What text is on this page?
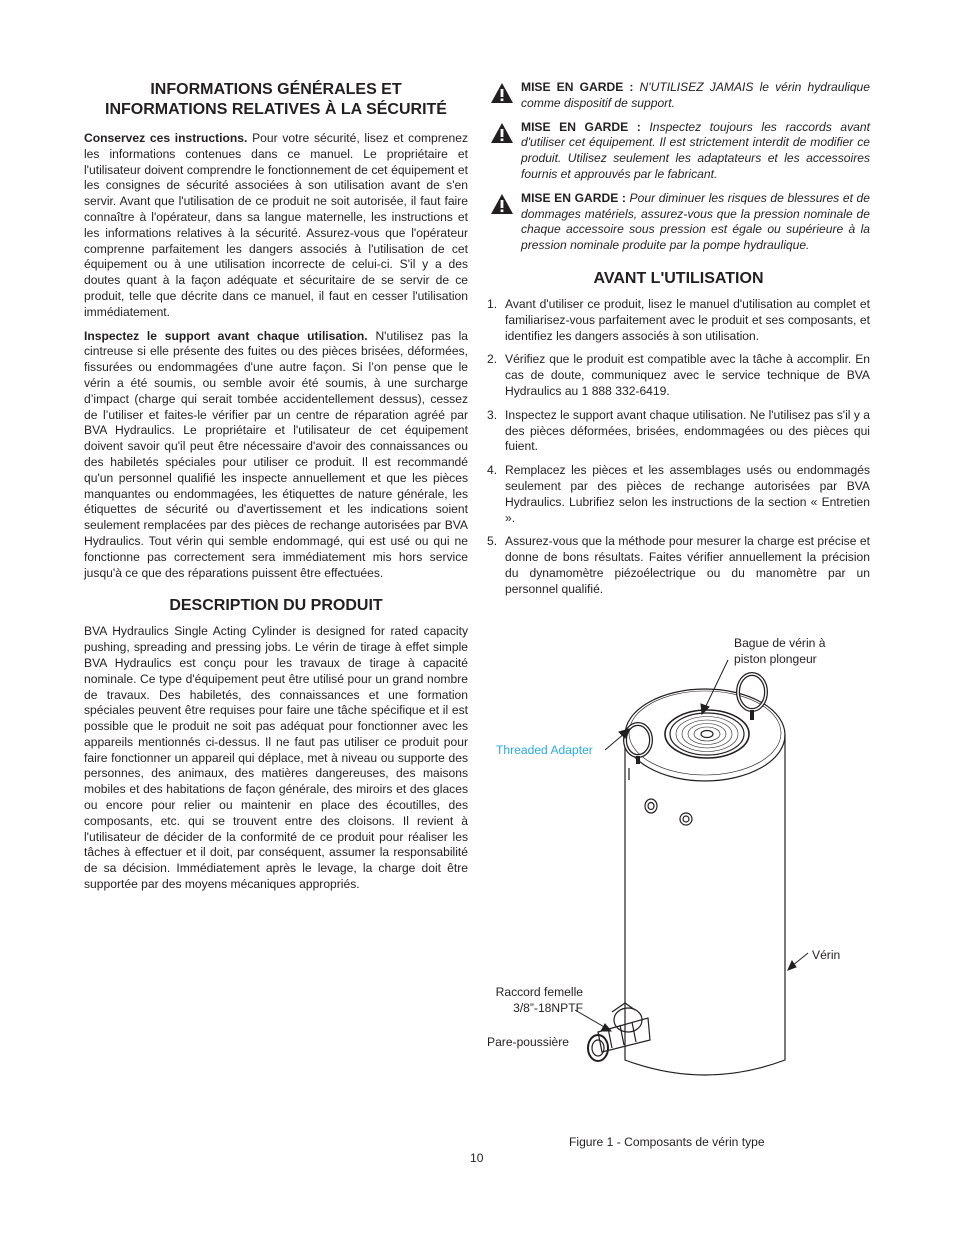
INFORMATIONS GÉNÉRALES ET
INFORMATIONS RELATIVES À LA SÉCURITÉ

Conservez ces instructions. Pour votre sécurité, lisez et comprenez les informations contenues dans ce manuel. Le propriétaire et l'utilisateur doivent comprendre le fonctionnement de cet équipement et les consignes de sécurité associées à son utilisation avant de s'en servir. Avant que l'utilisation de ce produit ne soit autorisée, il faut faire connaître à l'opérateur, dans sa langue maternelle, les instructions et les informations relatives à la sécurité. Assurez-vous que l'opérateur comprenne parfaitement les dangers associés à l'utilisation de cet équipement ou à une utilisation incorrecte de celui-ci. S'il y a des doutes quant à la façon adéquate et sécuritaire de se servir de ce produit, telle que décrite dans ce manuel, il faut en cesser l'utilisation immédiatement.

Inspectez le support avant chaque utilisation. N'utilisez pas la cintreuse si elle présente des fuites ou des pièces brisées, déformées, fissurées ou endommagées d'une autre façon. Si l’on pense que le vérin a été soumis, ou semble avoir été soumis, à une surcharge d’impact (charge qui serait tombée accidentellement dessus), cessez de l’utiliser et faites-le vérifier par un centre de réparation agréé par BVA Hydraulics. Le propriétaire et l'utilisateur de cet équipement doivent savoir qu'il peut être nécessaire d'avoir des connaissances ou des habiletés spéciales pour utiliser ce produit. Il est recommandé qu'un personnel qualifié les inspecte annuellement et que les pièces manquantes ou endommagées, les étiquettes de nature générale, les étiquettes de sécurité ou d'avertissement et les indications soient seulement remplacées par des pièces de rechange autorisées par BVA Hydraulics. Tout vérin qui semble endommagé, qui est usé ou qui ne fonctionne pas correctement sera immédiatement mis hors service jusqu'à ce que des réparations puissent être effectuées.

DESCRIPTION DU PRODUIT

BVA Hydraulics Single Acting Cylinder is designed for rated capacity pushing, spreading and pressing jobs. Le vérin de tirage à effet simple BVA Hydraulics est conçu pour les travaux de tirage à capacité nominale. Ce type d'équipement peut être utilisé pour un grand nombre de travaux. Des habiletés, des connaissances et une formation spéciales peuvent être requises pour faire une tâche spécifique et il est possible que le produit ne soit pas adéquat pour fonctionner avec les appareils mentionnés ci-dessus. Il ne faut pas utiliser ce produit pour faire fonctionner un appareil qui déplace, met à niveau ou supporte des personnes, des animaux, des matières dangereuses, des maisons mobiles et des habitations de façon générale, des miroirs et des glaces ou encore pour relier ou maintenir en place des écoutilles, des composants, etc. qui se trouvent entre des cloisons. Il revient à l'utilisateur de décider de la conformité de ce produit pour réaliser les tâches à effectuer et il doit, par conséquent, assumer la responsabilité de sa décision. Immédiatement après le levage, la charge doit être supportée par des moyens mécaniques appropriés.

MISE EN GARDE : N'UTILISEZ JAMAIS le vérin hydraulique comme dispositif de support.
MISE EN GARDE : Inspectez toujours les raccords avant d'utiliser cet équipement. Il est strictement interdit de modifier ce produit. Utilisez seulement les adaptateurs et les accessoires fournis et approuvés par le fabricant.
MISE EN GARDE : Pour diminuer les risques de blessures et de dommages matériels, assurez-vous que la pression nominale de chaque accessoire sous pression est égale ou supérieure à la pression nominale produite par la pompe hydraulique.
AVANT L'UTILISATION
1. Avant d'utiliser ce produit, lisez le manuel d'utilisation au complet et familiarisez-vous parfaitement avec le produit et ses composants, et identifiez les dangers associés à son utilisation.
2. Vérifiez que le produit est compatible avec la tâche à accomplir. En cas de doute, communiquez avec le service technique de BVA Hydraulics au 1 888 332-6419.
3. Inspectez le support avant chaque utilisation. Ne l'utilisez pas s'il y a des pièces déformées, brisées, endommagées ou des pièces qui fuient.
4. Remplacez les pièces et les assemblages usés ou endommagés seulement par des pièces de rechange autorisées par BVA Hydraulics. Lubrifiez selon les instructions de la section « Entretien ».
5. Assurez-vous que la méthode pour mesurer la charge est précise et donne de bons résultats. Faites vérifier annuellement la précision du dynamomètre piézoélectrique ou du manomètre par un personnel qualifié.
Bague de vérin à
piston plongeur
Threaded Adapter
Vérin
Raccord femelle
3/8”-18NPTF
Pare-poussière
Figure 1 - Composants de vérin type
10
